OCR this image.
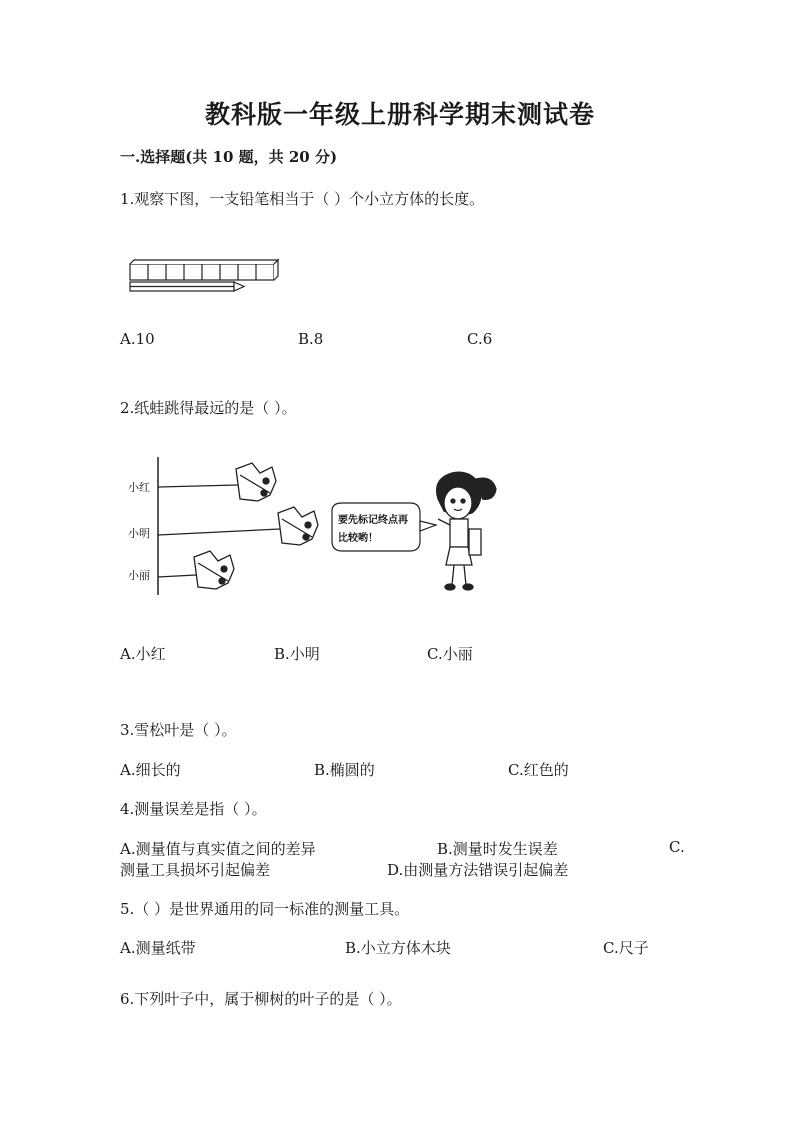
教科版一年级上册科学期末测试卷
一.选择题(共 10 题，共 20 分)
1.观察下图，一支铅笔相当于（ ）个小立方体的长度。
A.10	B.8	C.6
2.纸蛙跳得最远的是（ ）。
小红
小明
小丽
要先标记终点再
比较哟！
A.小红	B.小明	C.小丽
3.雪松叶是（ ）。
A.细长的	B.椭圆的	C.红色的
4.测量误差是指（ ）。
A.测量值与真实值之间的差异	B.测量时发生误差	C.
测量工具损坏引起偏差	D.由测量方法错误引起偏差
5.（ ）是世界通用的同一标准的测量工具。
A.测量纸带	B.小立方体木块	C.尺子
6.下列叶子中，属于柳树的叶子的是（ ）。
